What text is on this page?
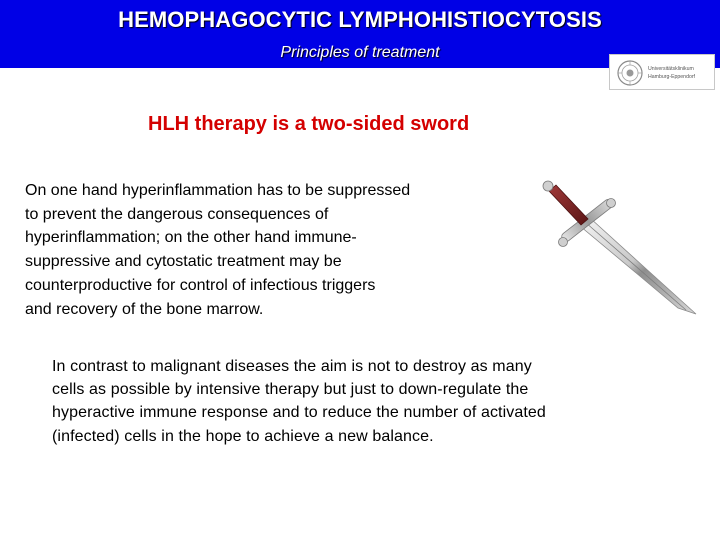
HEMOPHAGOCYTIC LYMPHOHISTIOCYTOSIS
Principles of treatment
Universitätsklinikum
Hamburg-Eppendorf
HLH therapy is a two-sided sword
On one hand hyperinflammation has to be suppressed
to prevent the dangerous consequences of
hyperinflammation; on the other hand immune-
suppressive and cytostatic treatment may be
counterproductive for control of infectious triggers
and recovery of the bone marrow.
In contrast to malignant diseases the aim is not to destroy as many
cells as possible by intensive therapy but just to down-regulate the
hyperactive immune response and to reduce the number of activated
(infected) cells in the hope to achieve a new balance.
